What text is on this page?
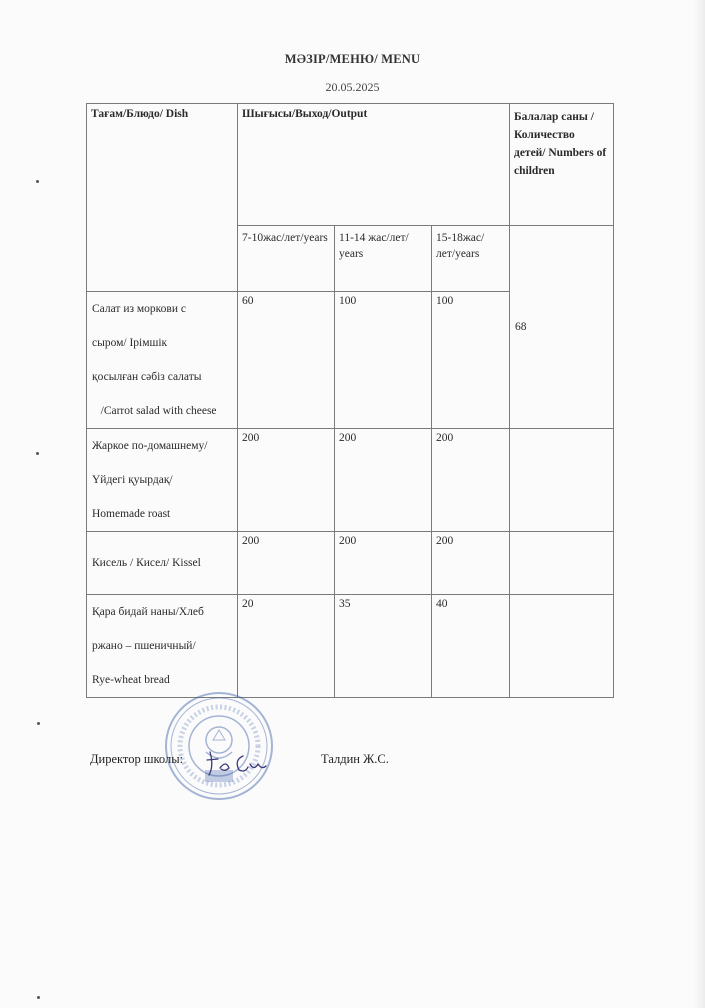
МӘЗІР/МЕНЮ/ MENU
20.05.2025
Тағам/Блюдо/ Dish	Шығысы/Выход/Output			Балалар саны /Количество детей/ Numbers of children
	7-10жас/лет/years	11-14 жас/лет/ years	15-18жас/лет/years	68

Салат из моркови с
сыром/ Ірімшік
қосылған сәбіз салаты
/Carrot salad with cheese	60	100	100	

Жаркое по-домашнему/
Үйдегі қуырдақ/
Homemade roast	200	200	200	

Кисель / Кисел/ Kissel	200	200	200	

Қара бидай наны/Хлеб
ржано – пшеничный/
Rye-wheat bread	20	35	40	
Директор школы:	Талдин Ж.С.
